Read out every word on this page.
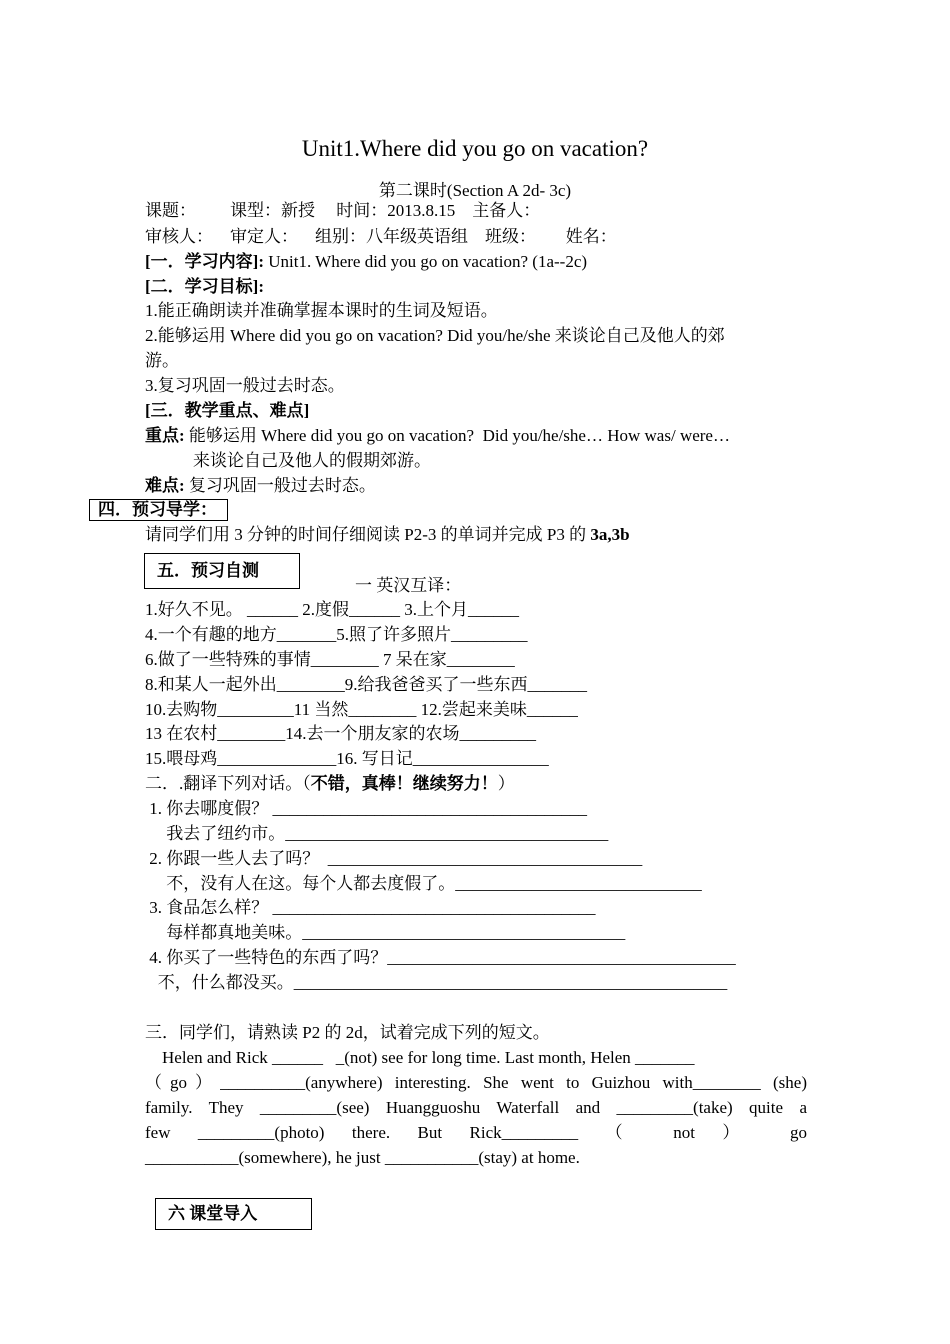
Unit1.Where did you go on vacation?
第二课时(Section A 2d- 3c)
课题：        课型：新授     时间：2013.8.15    主备人：
审核人：    审定人：    组别：八年级英语组    班级：       姓名：
[一．学习内容]: Unit1. Where did you go on vacation? (1a--2c)
[二．学习目标]:
1.能正确朗读并准确掌握本课时的生词及短语。
2.能够运用 Where did you go on vacation? Did you/he/she 来谈论自己及他人的郊
游。
3.复习巩固一般过去时态。
[三．教学重点、难点]
重点: 能够运用 Where did you go on vacation?  Did you/he/she… How was/ were…
来谈论自己及他人的假期郊游。
难点: 复习巩固一般过去时态。
四．预习导学：
请同学们用 3 分钟的时间仔细阅读 P2-3 的单词并完成 P3 的 3a,3b
五．预习自测
一 英汉互译：
1.好久不见。 ______ 2.度假______ 3.上个月______
4.一个有趣的地方_______5.照了许多照片_________
6.做了一些特殊的事情________ 7 呆在家________
8.和某人一起外出________9.给我爸爸买了一些东西_______
10.去购物_________11 当然________ 12.尝起来美味______
13 在农村________14.去一个朋友家的农场_________
15.喂母鸡______________16. 写日记________________
二．.翻译下列对话。（不错，真棒！继续努力！）
1. 你去哪度假？ _____________________________________
我去了纽约市。______________________________________
2. 你跟一些人去了吗？  _____________________________________
不，没有人在这。每个人都去度假了。_____________________________
3. 食品怎么样？ ______________________________________
每样都真地美味。______________________________________
4. 你买了一些特色的东西了吗？_________________________________________
不，什么都没买。___________________________________________________
三．同学们，请熟读 P2 的 2d，试着完成下列的短文。
Helen and Rick ______   _(not) see for long time. Last month, Helen _______
（go）__________(anywhere) interesting. She went to Guizhou with________ (she)
family. They _________(see) Huangguoshu Waterfall and _________(take) quite a
few _________(photo) there. But Rick_________ （ not ） go
___________(somewhere), he just ___________(stay) at home.
六 课堂导入
